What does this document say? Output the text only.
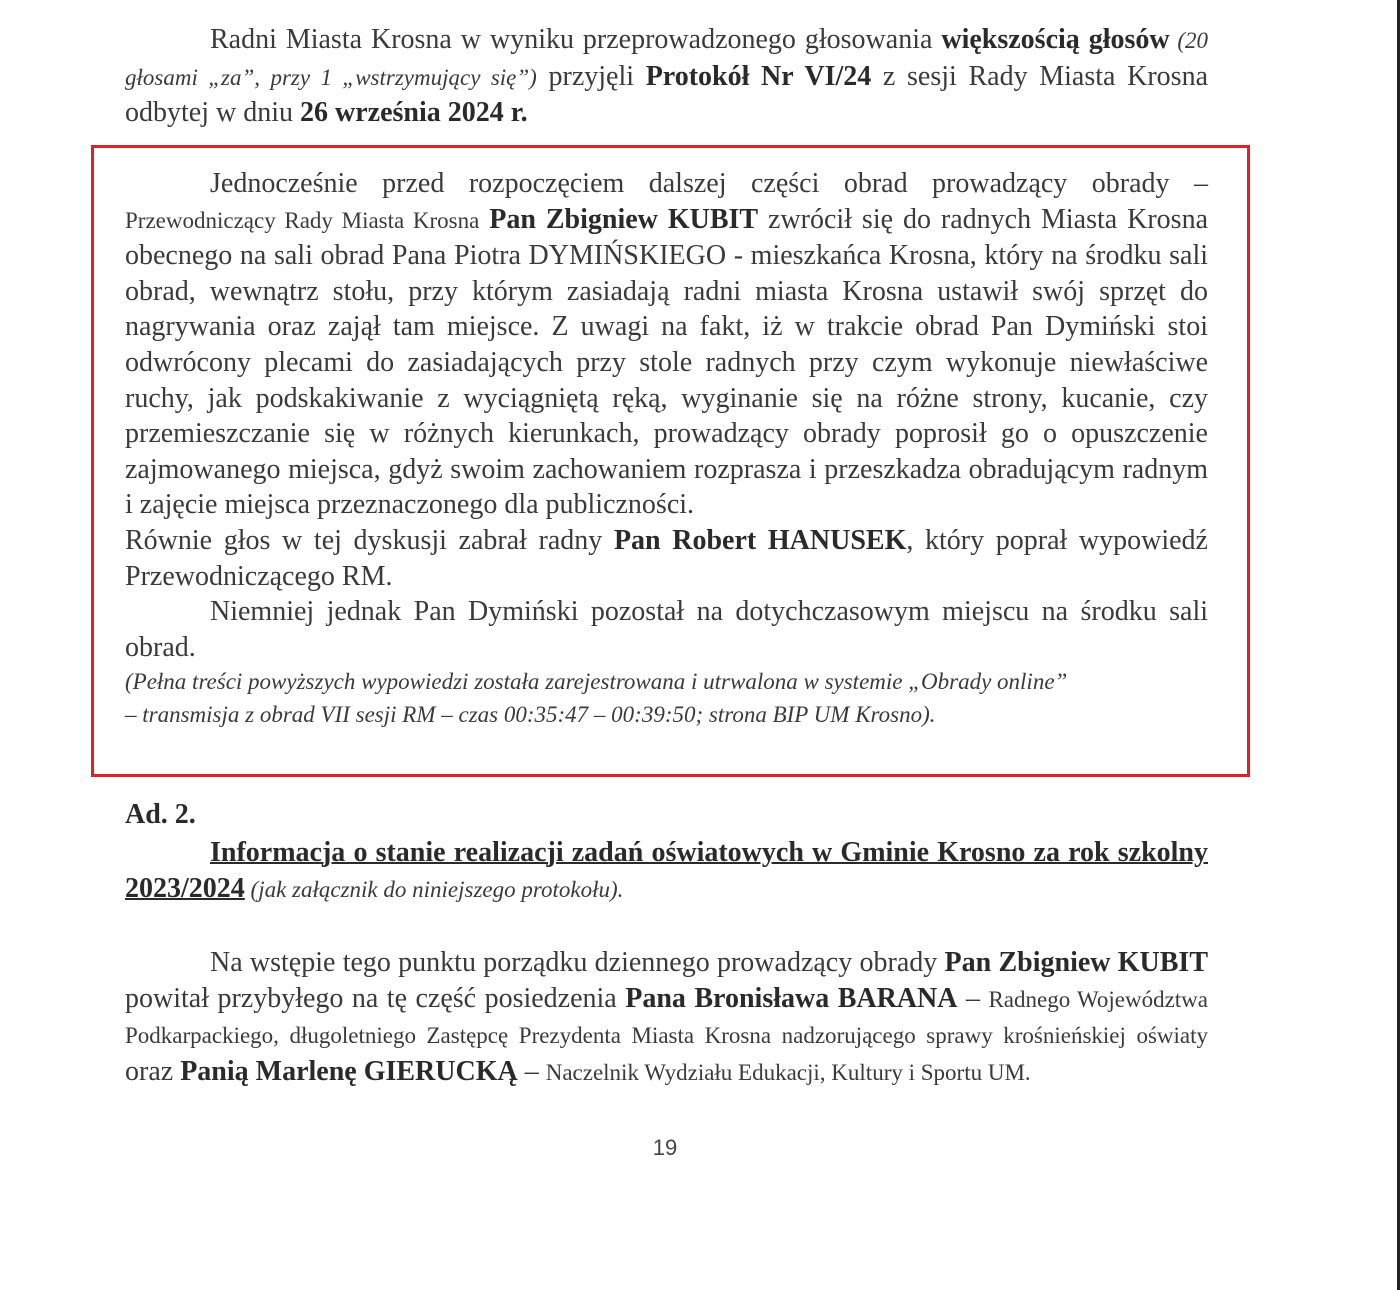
Radni Miasta Krosna w wyniku przeprowadzonego głosowania większością głosów (20 głosami „za”, przy 1 „wstrzymujący się”) przyjęli Protokół Nr VI/24 z sesji Rady Miasta Krosna odbytej w dniu 26 września 2024 r.

Jednocześnie przed rozpoczęciem dalszej części obrad prowadzący obrady – Przewodniczący Rady Miasta Krosna Pan Zbigniew KUBIT zwrócił się do radnych Miasta Krosna obecnego na sali obrad Pana Piotra DYMIŃSKIEGO - mieszkańca Krosna, który na środku sali obrad, wewnątrz stołu, przy którym zasiadają radni miasta Krosna ustawił swój sprzęt do nagrywania oraz zajął tam miejsce. Z uwagi na fakt, iż w trakcie obrad Pan Dymiński stoi odwrócony plecami do zasiadających przy stole radnych przy czym wykonuje niewłaściwe ruchy, jak podskakiwanie z wyciągniętą ręką, wyginanie się na różne strony, kucanie, czy przemieszczanie się w różnych kierunkach, prowadzący obrady poprosił go o opuszczenie zajmowanego miejsca, gdyż swoim zachowaniem rozprasza i przeszkadza obradującym radnym i zajęcie miejsca przeznaczonego dla publiczności.

Równie głos w tej dyskusji zabrał radny Pan Robert HANUSEK, który poprał wypowiedź Przewodniczącego RM.

Niemniej jednak Pan Dymiński pozostał na dotychczasowym miejscu na środku sali obrad.

(Pełna treści powyższych wypowiedzi została zarejestrowana i utrwalona w systemie „Obrady online”

– transmisja z obrad VII sesji RM – czas 00:35:47 – 00:39:50; strona BIP UM Krosno).

Ad. 2.

Informacja o stanie realizacji zadań oświatowych w Gminie Krosno za rok szkolny 2023/2024 (jak załącznik do niniejszego protokołu).

Na wstępie tego punktu porządku dziennego prowadzący obrady Pan Zbigniew KUBIT powitał przybyłego na tę część posiedzenia Pana Bronisława BARANA – Radnego Województwa Podkarpackiego, długoletniego Zastępcę Prezydenta Miasta Krosna nadzorującego sprawy krośnieńskiej oświaty oraz Panią Marlenę GIERUCKĄ – Naczelnik Wydziału Edukacji, Kultury i Sportu UM.

19
